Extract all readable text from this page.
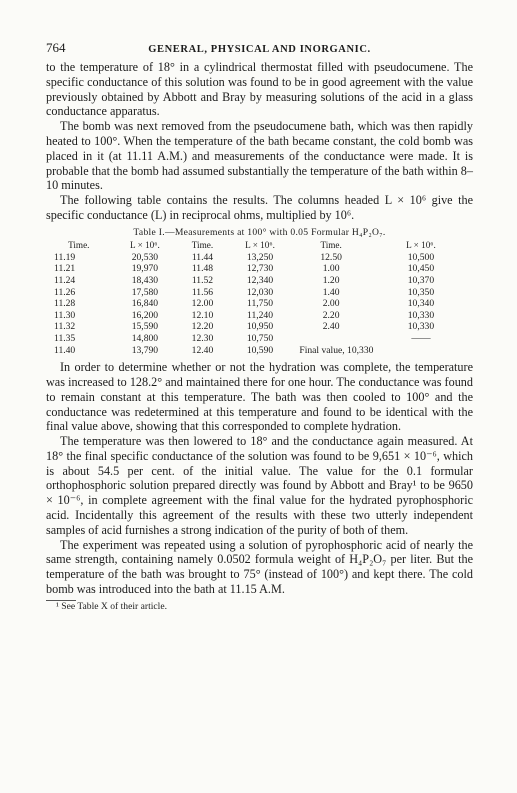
764	GENERAL, PHYSICAL AND INORGANIC.

to the temperature of 18° in a cylindrical thermostat filled with pseudocumene. The specific conductance of this solution was found to be in good agreement with the value previously obtained by Abbott and Bray by measuring solutions of the acid in a glass conductance apparatus.

The bomb was next removed from the pseudocumene bath, which was then rapidly heated to 100°. When the temperature of the bath became constant, the cold bomb was placed in it (at 11.11 A.M.) and measurements of the conductance were made. It is probable that the bomb had assumed substantially the temperature of the bath within 8–10 minutes.

The following table contains the results. The columns headed L × 10⁶ give the specific conductance (L) in reciprocal ohms, multiplied by 10⁶.

Table I.—Measurements at 100° with 0.05 Formular H₄P₂O₇.
Time.	L × 10⁶.	Time.	L × 10⁶.	Time.	L × 10⁶.
11.19	20,530	11.44	13,250	12.50	10,500
11.21	19,970	11.48	12,730	1.00	10,450
11.24	18,430	11.52	12,340	1.20	10,370
11.26	17,580	11.56	12,030	1.40	10,350
11.28	16,840	12.00	11,750	2.00	10,340
11.30	16,200	12.10	11,240	2.20	10,330
11.32	15,590	12.20	10,950	2.40	10,330
11.35	14,800	12.30	10,750		——
11.40	13,790	12.40	10,590	Final value, 10,330	

In order to determine whether or not the hydration was complete, the temperature was increased to 128.2° and maintained there for one hour. The conductance was found to remain constant at this temperature. The bath was then cooled to 100° and the conductance was redetermined at this temperature and found to be identical with the final value above, showing that this corresponded to complete hydration.

The temperature was then lowered to 18° and the conductance again measured. At 18° the final specific conductance of the solution was found to be 9,651 × 10⁻⁶, which is about 54.5 per cent. of the initial value. The value for the 0.1 formular orthophosphoric solution prepared directly was found by Abbott and Bray¹ to be 9650 × 10⁻⁶, in complete agreement with the final value for the hydrated pyrophosphoric acid. Incidentally this agreement of the results with these two utterly independent samples of acid furnishes a strong indication of the purity of both of them.

The experiment was repeated using a solution of pyrophosphoric acid of nearly the same strength, containing namely 0.0502 formula weight of H₄P₂O₇ per liter. But the temperature of the bath was brought to 75° (instead of 100°) and kept there. The cold bomb was introduced into the bath at 11.15 A.M.

¹ See Table X of their article.
